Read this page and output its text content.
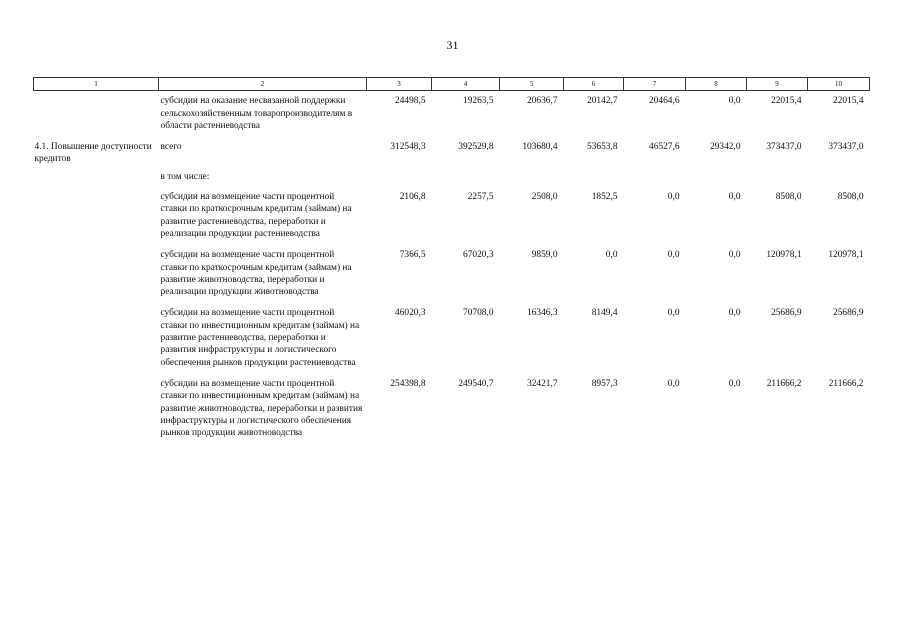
31
1	2	3	4	5	6	7	8	9	10
	субсидии на оказание несвязанной поддержки сельскохозяйственным товаропроизводителям в области растениеводства	24498,5	19263,5	20636,7	20142,7	20464,6	0,0	22015,4	22015,4
4.1. Повышение доступности кредитов	всего	312548,3	392529,8	103680,4	53653,8	46527,6	29342,0	373437,0	373437,0
	в том числе:								
	субсидии на возмещение части процентной ставки по краткосрочным кредитам (займам) на развитие растениеводства, переработки и реализации продукции растениеводства	2106,8	2257,5	2508,0	1852,5	0,0	0,0	8508,0	8508,0
	субсидии на возмещение части процентной ставки по краткосрочным кредитам (займам) на развитие животноводства, переработки и реализации продукции животноводства	7366,5	67020,3	9859,0	0,0	0,0	0,0	120978,1	120978,1
	субсидии на возмещение части процентной ставки по инвестиционным кредитам (займам) на развитие растениеводства, переработки и развития инфраструктуры и логистического обеспечения рынков продукции растениеводства	46020,3	70708,0	16346,3	8149,4	0,0	0,0	25686,9	25686,9
	субсидии на возмещение части процентной ставки по инвестиционным кредитам (займам) на развитие животноводства, переработки и развития инфраструктуры и логистического обеспечения рынков продукции животноводства	254398,8	249540,7	32421,7	8957,3	0,0	0,0	211666,2	211666,2
